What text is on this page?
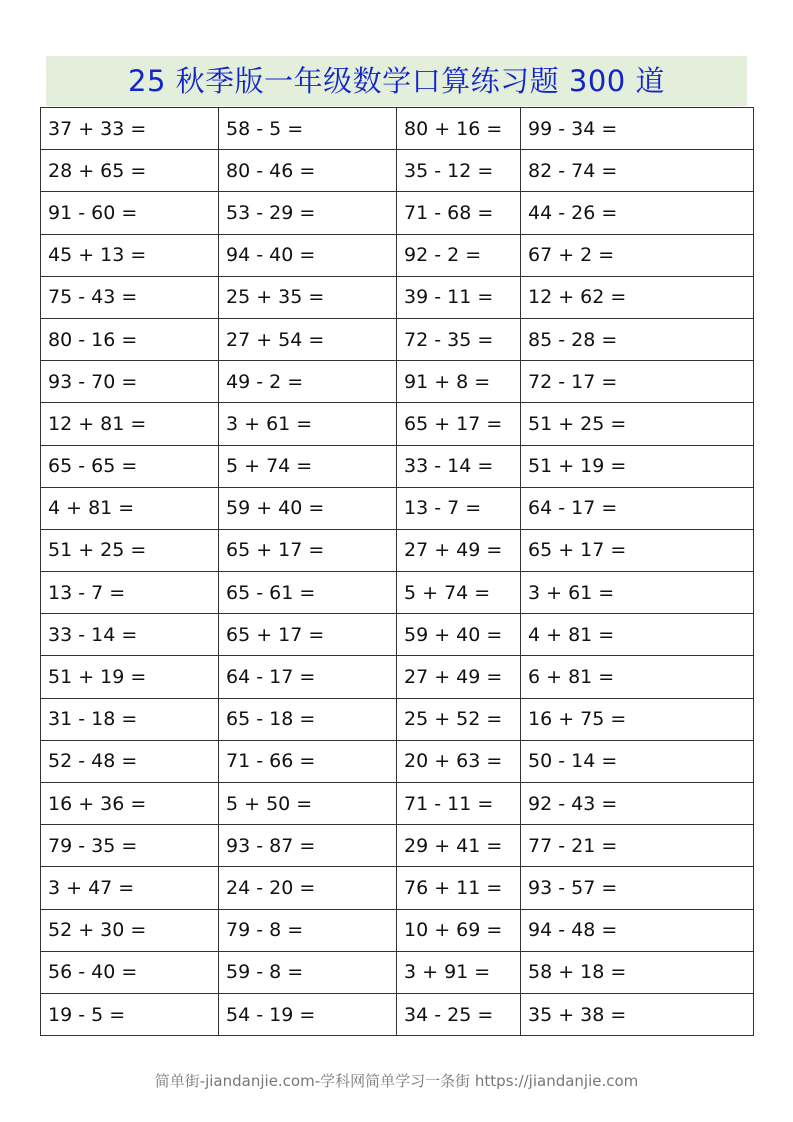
25 秋季版一年级数学口算练习题 300 道
37 + 33 =	58 - 5 =	80 + 16 =	99 - 34 =
28 + 65 =	80 - 46 =	35 - 12 =	82 - 74 =
91 - 60 =	53 - 29 =	71 - 68 =	44 - 26 =
45 + 13 =	94 - 40 =	92 - 2 =	67 + 2 =
75 - 43 =	25 + 35 =	39 - 11 =	12 + 62 =
80 - 16 =	27 + 54 =	72 - 35 =	85 - 28 =
93 - 70 =	49 - 2 =	91 + 8 =	72 - 17 =
12 + 81 =	3 + 61 =	65 + 17 =	51 + 25 =
65 - 65 =	5 + 74 =	33 - 14 =	51 + 19 =
4 + 81 =	59 + 40 =	13 - 7 =	64 - 17 =
51 + 25 =	65 + 17 =	27 + 49 =	65 + 17 =
13 - 7 =	65 - 61 =	5 + 74 =	3 + 61 =
33 - 14 =	65 + 17 =	59 + 40 =	4 + 81 =
51 + 19 =	64 - 17 =	27 + 49 =	6 + 81 =
31 - 18 =	65 - 18 =	25 + 52 =	16 + 75 =
52 - 48 =	71 - 66 =	20 + 63 =	50 - 14 =
16 + 36 =	5 + 50 =	71 - 11 =	92 - 43 =
79 - 35 =	93 - 87 =	29 + 41 =	77 - 21 =
3 + 47 =	24 - 20 =	76 + 11 =	93 - 57 =
52 + 30 =	79 - 8 =	10 + 69 =	94 - 48 =
56 - 40 =	59 - 8 =	3 + 91 =	58 + 18 =
19 - 5 =	54 - 19 =	34 - 25 =	35 + 38 =
简单街-jiandanjie.com-学科网简单学习一条街 https://jiandanjie.com
